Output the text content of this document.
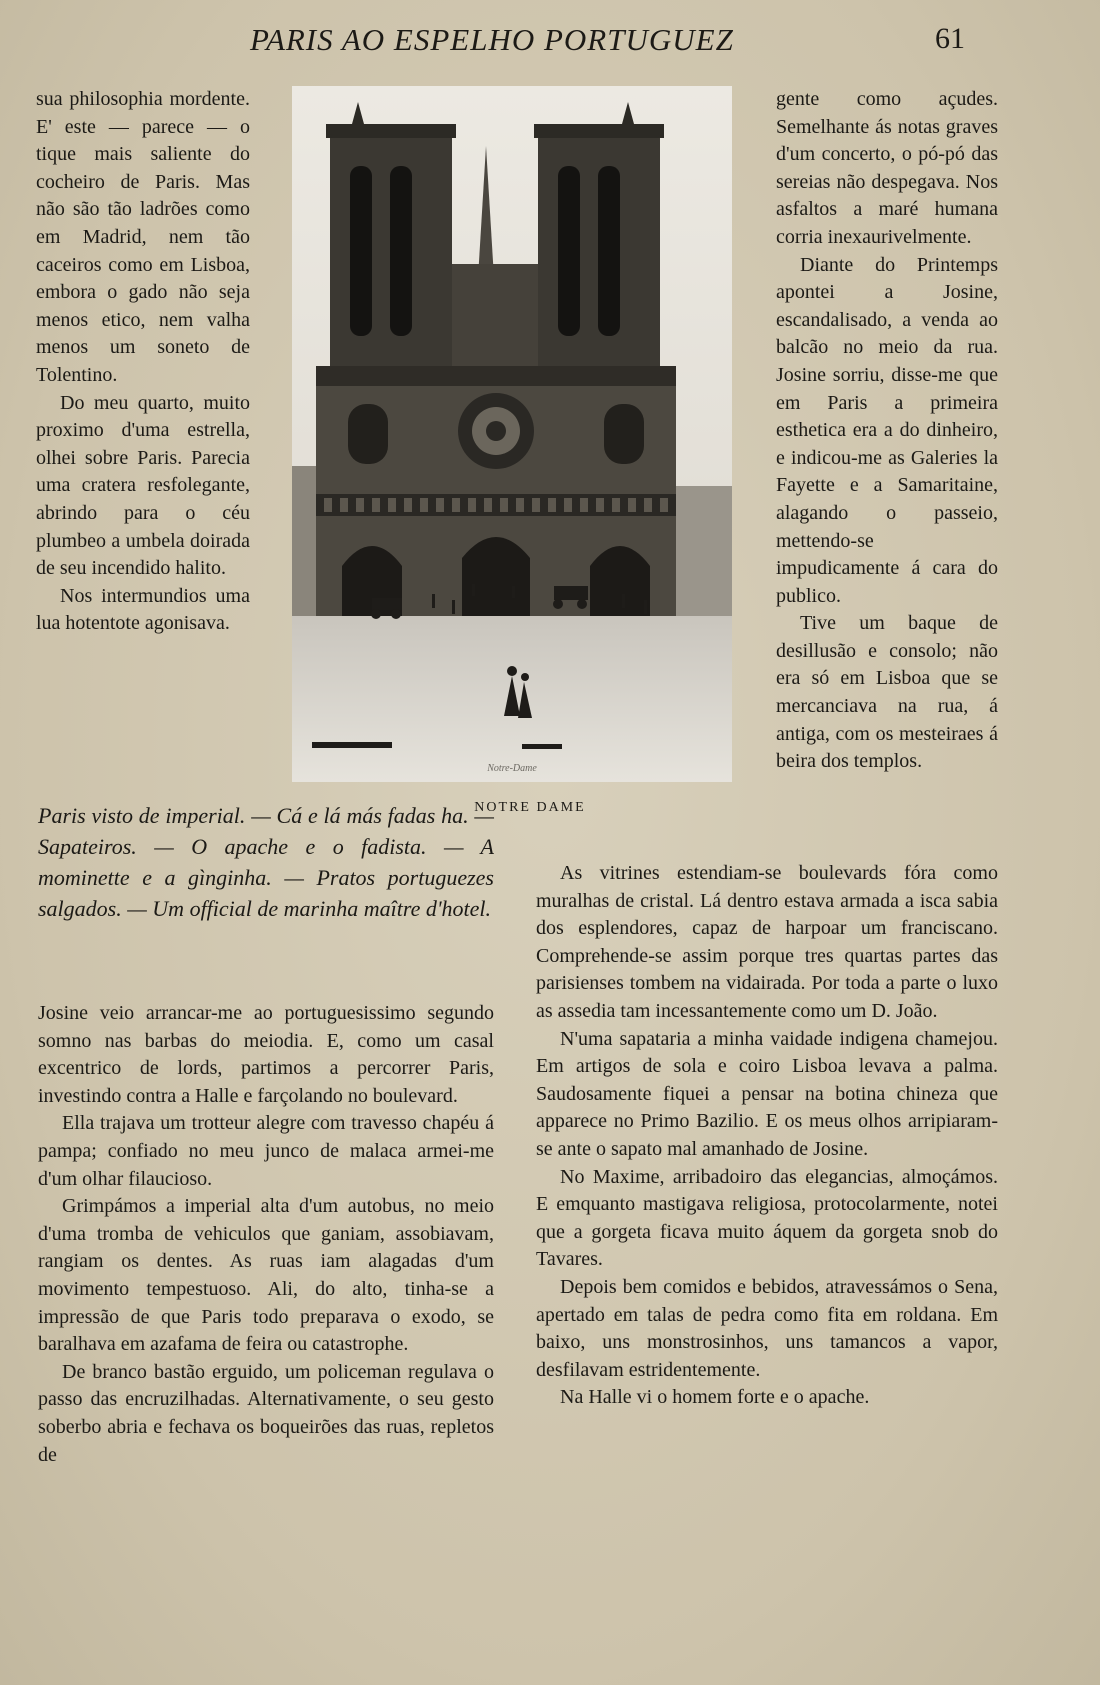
PARIS AO ESPELHO PORTUGUEZ	61

sua philosophia mordente. E' este — parece — o tique mais saliente do cocheiro de Paris. Mas não são tão ladrões como em Madrid, nem tão caceiros como em Lisboa, embora o gado não seja menos etico, nem valha menos um soneto de Tolentino.

Do meu quarto, muito proximo d'uma estrella, olhei sobre Paris. Parecia uma cratera resfolegante, abrindo para o céu plumbeo a umbela doirada de seu incendido halito.

Nos intermundios uma lua hotentote agonisava.

Notre-Dame
NOTRE DAME

gente como açudes. Semelhante ás notas graves d'um concerto, o pó-pó das sereias não despegava. Nos asfaltos a maré humana corria inexaurivelmente.

Diante do Printemps apontei a Josine, escandalisado, a venda ao balcão no meio da rua. Josine sorriu, disse-me que em Paris a primeira esthetica era a do dinheiro, e indicou-me as Galeries la Fayette e a Samaritaine, alagando o passeio, mettendo-se impudicamente á cara do publico.

Tive um baque de desillusão e consolo; não era só em Lisboa que se mercanciava na rua, á antiga, com os mesteiraes á beira dos templos.

Paris visto de imperial. — Cá e lá más fadas ha. — Sapateiros. — O apache e o fadista. — A mominette e a gìnginha. — Pratos portuguezes salgados. — Um official de marinha maître d'hotel.

Josine veio arrancar-me ao portuguesissimo segundo somno nas barbas do meiodia. E, como um casal excentrico de lords, partimos a percorrer Paris, investindo contra a Halle e farçolando no boulevard.

Ella trajava um trotteur alegre com travesso chapéu á pampa; confiado no meu junco de malaca armei-me d'um olhar filaucioso.

Grimpámos a imperial alta d'um autobus, no meio d'uma tromba de vehiculos que ganiam, assobiavam, rangiam os dentes. As ruas iam alagadas d'um movimento tempestuoso. Ali, do alto, tinha-se a impressão de que Paris todo preparava o exodo, se baralhava em azafama de feira ou catastrophe.

De branco bastão erguido, um policeman regulava o passo das encruzilhadas. Alternativamente, o seu gesto soberbo abria e fechava os boqueirões das ruas, repletos de

As vitrines estendiam-se boulevards fóra como muralhas de cristal. Lá dentro estava armada a isca sabia dos esplendores, capaz de harpoar um franciscano. Comprehende-se assim porque tres quartas partes das parisienses tombem na vidairada. Por toda a parte o luxo as assedia tam incessantemente como um D. João.

N'uma sapataria a minha vaidade indigena chamejou. Em artigos de sola e coiro Lisboa levava a palma. Saudosamente fiquei a pensar na botina chineza que apparece no Primo Bazilio. E os meus olhos arripiaram-se ante o sapato mal amanhado de Josine.

No Maxime, arribadoiro das elegancias, almoçámos. E emquanto mastigava religiosa, protocolarmente, notei que a gorgeta ficava muito áquem da gorgeta snob do Tavares.

Depois bem comidos e bebidos, atravessámos o Sena, apertado em talas de pedra como fita em roldana. Em baixo, uns monstrosinhos, uns tamancos a vapor, desfilavam estridentemente.

Na Halle vi o homem forte e o apache.
